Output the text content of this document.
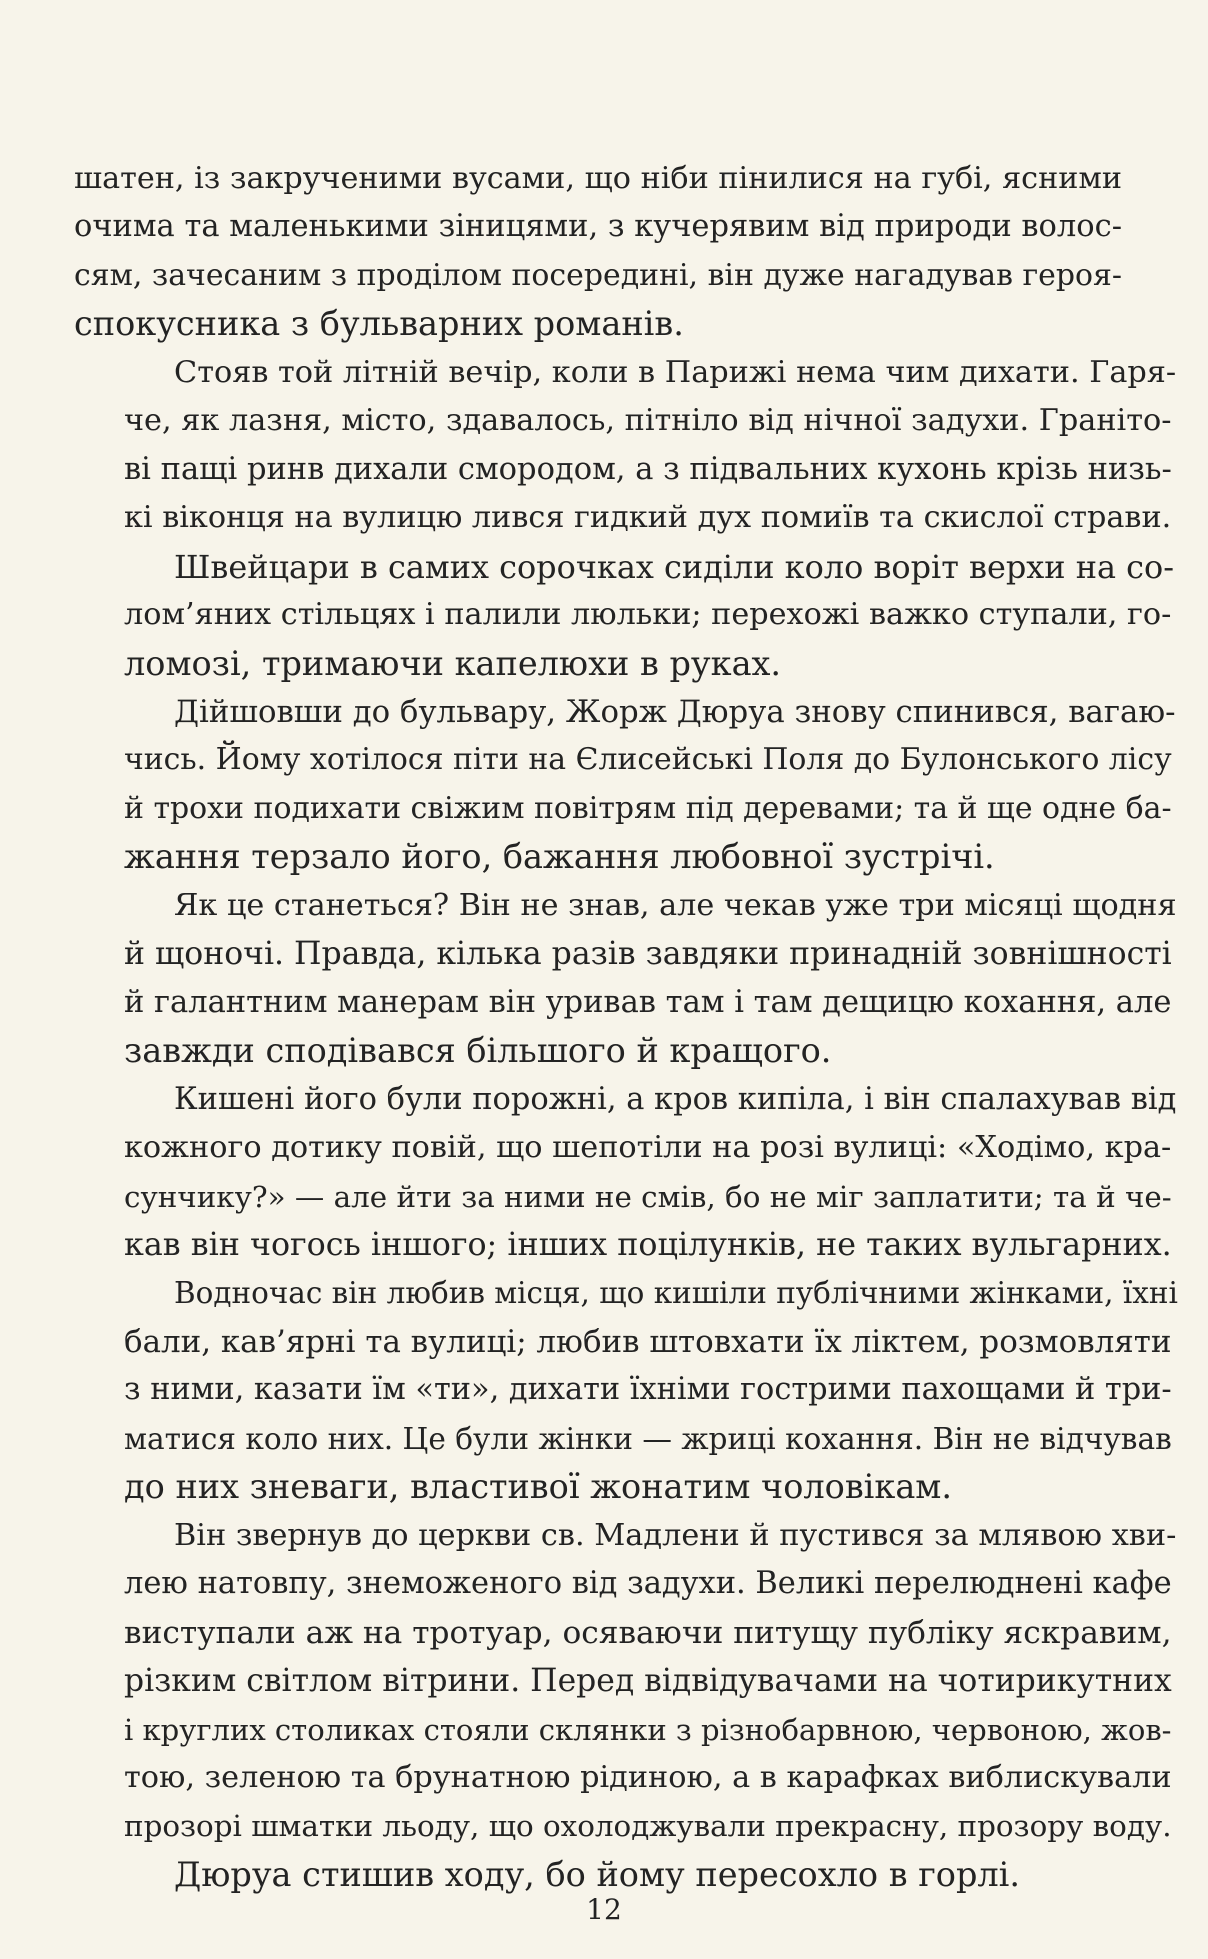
шатен, із закрученими вусами, що ніби пінилися на губі, ясними
очима та маленькими зіницями, з кучерявим від природи волос-
сям, зачесаним з проділом посередині, він дуже нагадував героя-
спокусника з бульварних романів.

Стояв той літній вечір, коли в Парижі нема чим дихати. Гаря-
че, як лазня, місто, здавалось, пітніло від нічної задухи. Граніто-
ві пащі ринв дихали смородом, а з підвальних кухонь крізь низь-
кі віконця на вулицю лився гидкий дух помиїв та скислої страви.

Швейцари в самих сорочках сиділи коло воріт верхи на со-
лом’яних стільцях і палили люльки; перехожі важко ступали, го-
ломозі, тримаючи капелюхи в руках.

Дійшовши до бульвару, Жорж Дюруа знову спинився, вагаю-
чись. Йому хотілося піти на Єлисейські Поля до Булонського лісу
й трохи подихати свіжим повітрям під деревами; та й ще одне ба-
жання терзало його, бажання любовної зустрічі.

Як це станеться? Він не знав, але чекав уже три місяці щодня
й щоночі. Правда, кілька разів завдяки принадній зовнішності
й галантним манерам він уривав там і там дещицю кохання, але
завжди сподівався більшого й кращого.

Кишені його були порожні, а кров кипіла, і він спалахував від
кожного дотику повій, що шепотіли на розі вулиці: «Ходімо, кра-
сунчику?» — але йти за ними не смів, бо не міг заплатити; та й че-
кав він чогось іншого; інших поцілунків, не таких вульгарних.

Водночас він любив місця, що кишіли публічними жінками, їхні
бали, кав’ярні та вулиці; любив штовхати їх ліктем, розмовляти
з ними, казати їм «ти», дихати їхніми гострими пахощами й три-
матися коло них. Це були жінки — жриці кохання. Він не відчував
до них зневаги, властивої жонатим чоловікам.

Він звернув до церкви св. Мадлени й пустився за млявою хви-
лею натовпу, знеможеного від задухи. Великі перелюднені кафе
виступали аж на тротуар, осяваючи питущу публіку яскравим,
різким світлом вітрини. Перед відвідувачами на чотирикутних
і круглих столиках стояли склянки з різнобарвною, червоною, жов-
тою, зеленою та брунатною рідиною, а в карафках виблискували
прозорі шматки льоду, що охолоджували прекрасну, прозору воду.

Дюруа стишив ходу, бо йому пересохло в горлі.

12
